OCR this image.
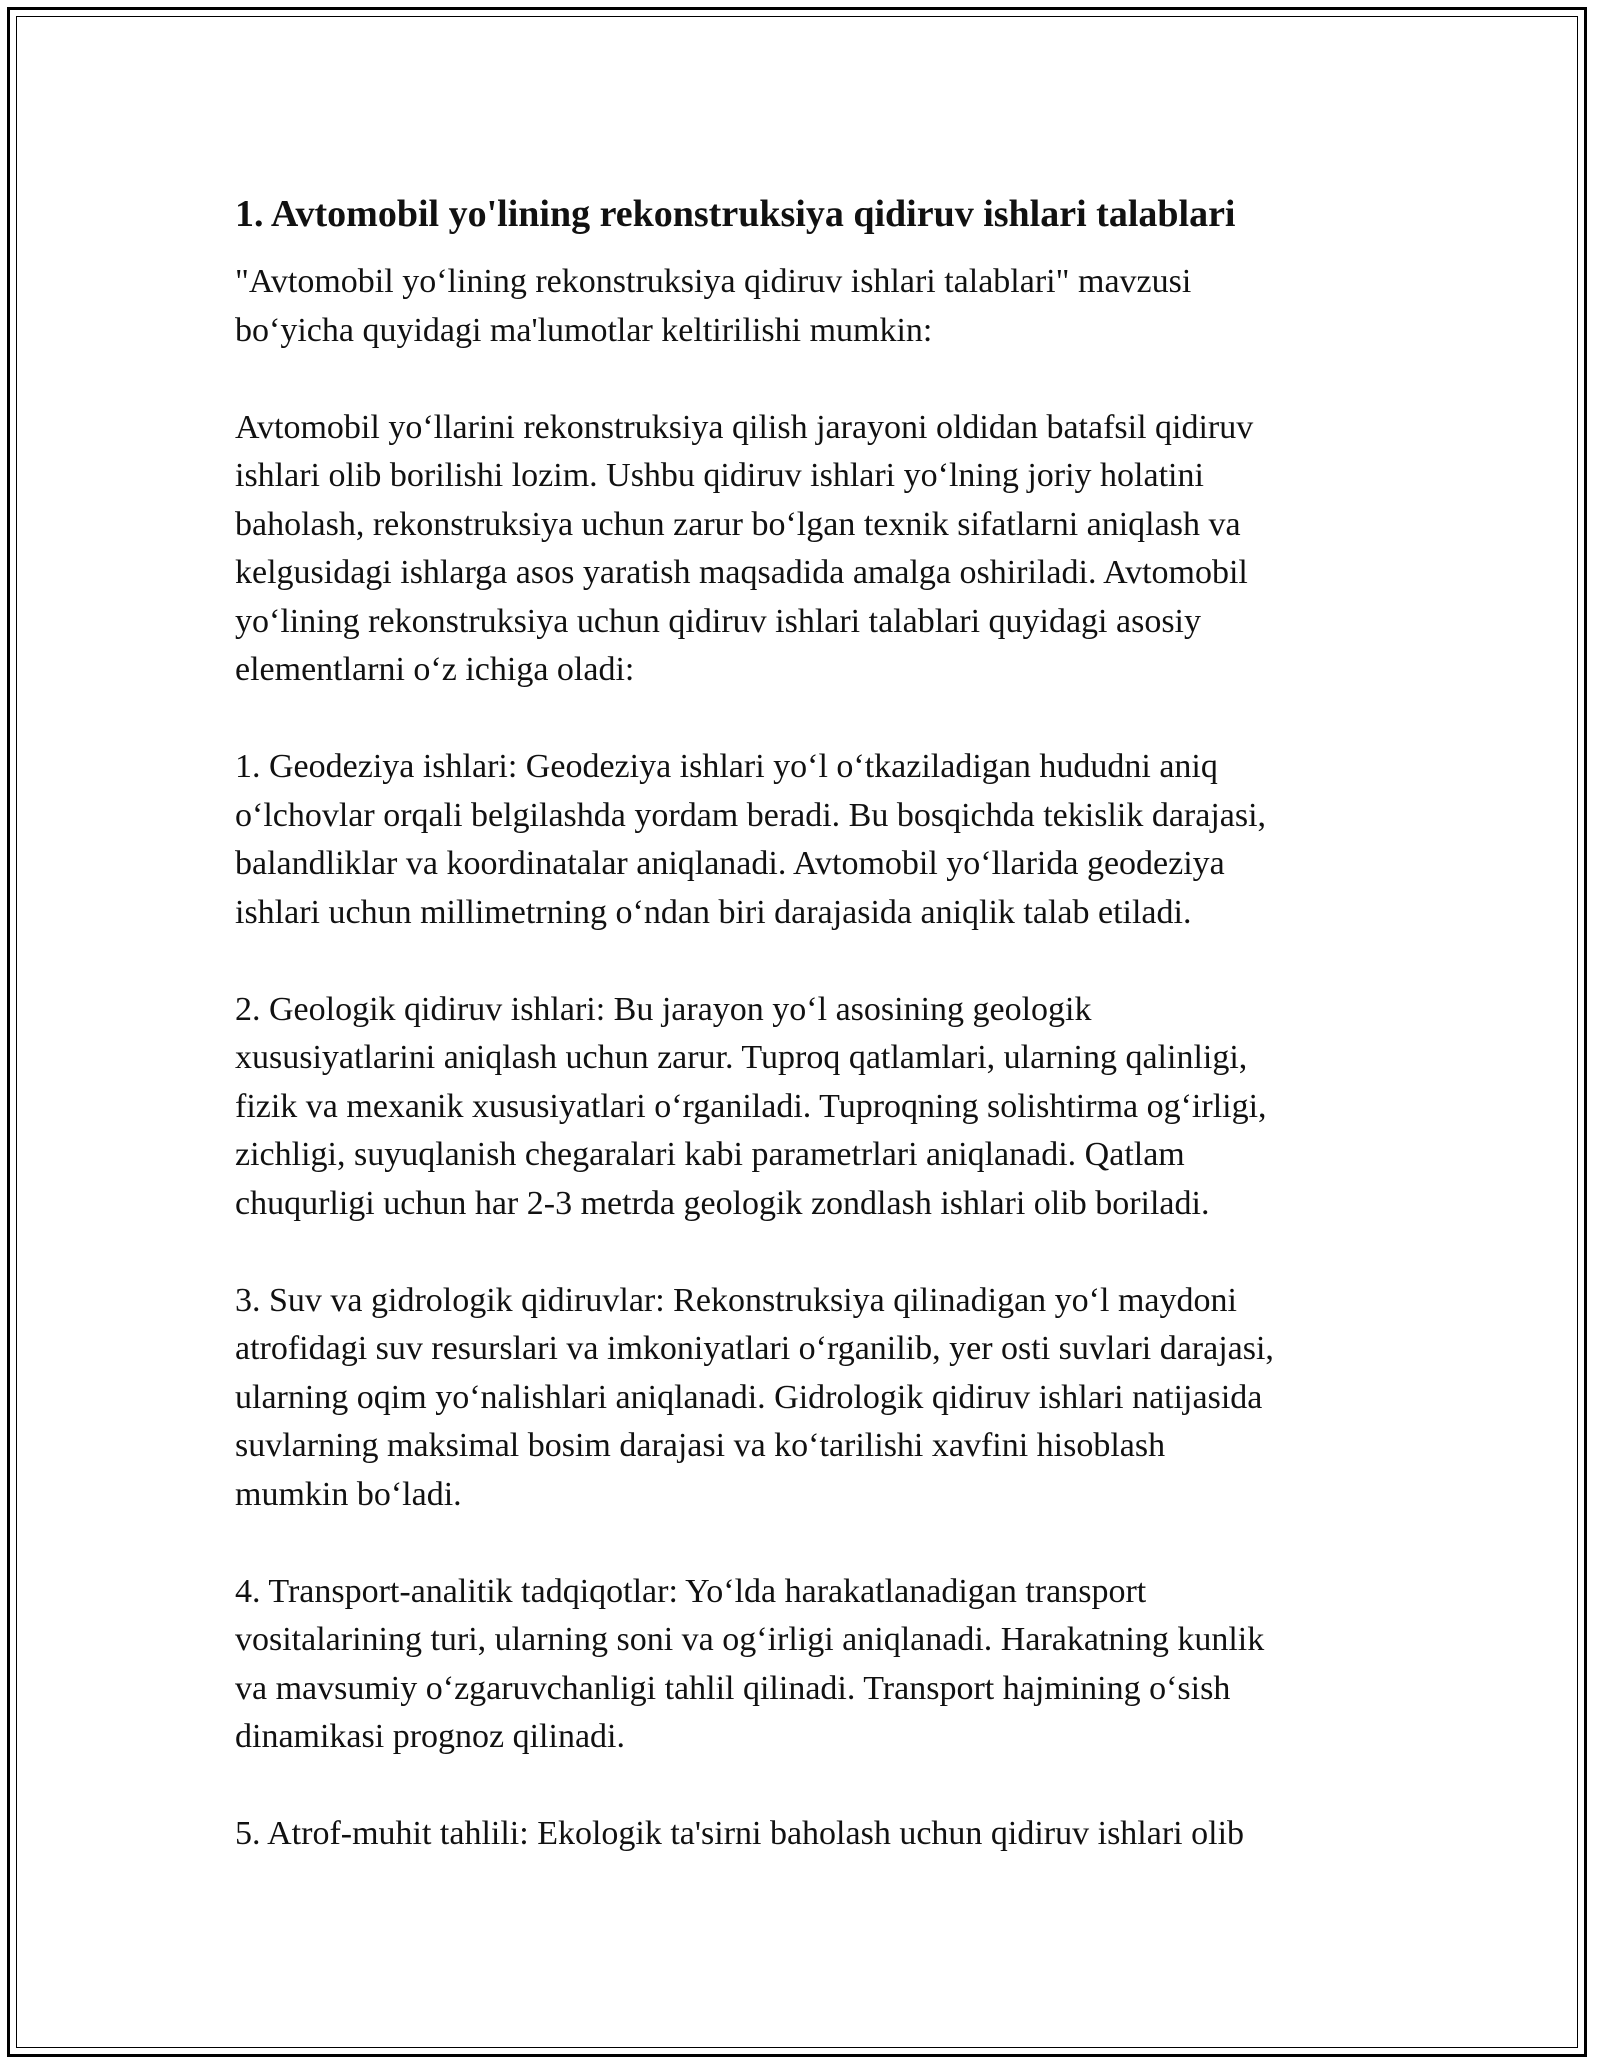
1. Avtomobil yo'lining rekonstruksiya qidiruv ishlari talablari

"Avtomobil yo‘lining rekonstruksiya qidiruv ishlari talablari" mavzusi
bo‘yicha quyidagi ma'lumotlar keltirilishi mumkin:

Avtomobil yo‘llarini rekonstruksiya qilish jarayoni oldidan batafsil qidiruv
ishlari olib borilishi lozim. Ushbu qidiruv ishlari yo‘lning joriy holatini
baholash, rekonstruksiya uchun zarur bo‘lgan texnik sifatlarni aniqlash va
kelgusidagi ishlarga asos yaratish maqsadida amalga oshiriladi. Avtomobil
yo‘lining rekonstruksiya uchun qidiruv ishlari talablari quyidagi asosiy
elementlarni o‘z ichiga oladi:

1. Geodeziya ishlari: Geodeziya ishlari yo‘l o‘tkaziladigan hududni aniq
o‘lchovlar orqali belgilashda yordam beradi. Bu bosqichda tekislik darajasi,
balandliklar va koordinatalar aniqlanadi. Avtomobil yo‘llarida geodeziya
ishlari uchun millimetrning o‘ndan biri darajasida aniqlik talab etiladi.

2. Geologik qidiruv ishlari: Bu jarayon yo‘l asosining geologik
xususiyatlarini aniqlash uchun zarur. Tuproq qatlamlari, ularning qalinligi,
fizik va mexanik xususiyatlari o‘rganiladi. Tuproqning solishtirma og‘irligi,
zichligi, suyuqlanish chegaralari kabi parametrlari aniqlanadi. Qatlam
chuqurligi uchun har 2-3 metrda geologik zondlash ishlari olib boriladi.

3. Suv va gidrologik qidiruvlar: Rekonstruksiya qilinadigan yo‘l maydoni
atrofidagi suv resurslari va imkoniyatlari o‘rganilib, yer osti suvlari darajasi,
ularning oqim yo‘nalishlari aniqlanadi. Gidrologik qidiruv ishlari natijasida
suvlarning maksimal bosim darajasi va ko‘tarilishi xavfini hisoblash
mumkin bo‘ladi.

4. Transport-analitik tadqiqotlar: Yo‘lda harakatlanadigan transport
vositalarining turi, ularning soni va og‘irligi aniqlanadi. Harakatning kunlik
va mavsumiy o‘zgaruvchanligi tahlil qilinadi. Transport hajmining o‘sish
dinamikasi prognoz qilinadi.

5. Atrof-muhit tahlili: Ekologik ta'sirni baholash uchun qidiruv ishlari olib
